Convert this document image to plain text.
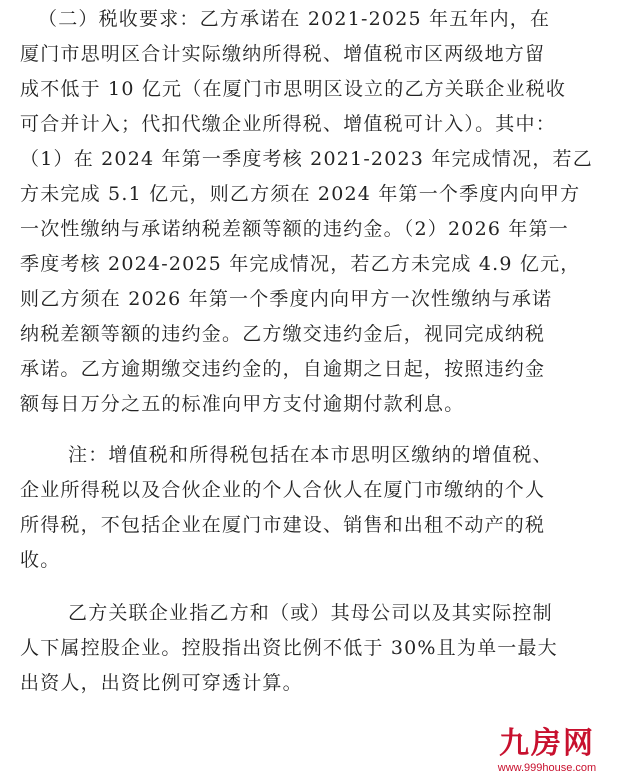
（二）税收要求：乙方承诺在 2021-2025 年五年内，在
厦门市思明区合计实际缴纳所得税、增值税市区两级地方留
成不低于 10 亿元（在厦门市思明区设立的乙方关联企业税收
可合并计入；代扣代缴企业所得税、增值税可计入）。其中：
（1）在 2024 年第一季度考核 2021-2023 年完成情况，若乙
方未完成 5.1 亿元，则乙方须在 2024 年第一个季度内向甲方
一次性缴纳与承诺纳税差额等额的违约金。（2）2026 年第一
季度考核 2024-2025 年完成情况，若乙方未完成 4.9 亿元，
则乙方须在 2026 年第一个季度内向甲方一次性缴纳与承诺
纳税差额等额的违约金。乙方缴交违约金后，视同完成纳税
承诺。乙方逾期缴交违约金的，自逾期之日起，按照违约金
额每日万分之五的标准向甲方支付逾期付款利息。
注：增值税和所得税包括在本市思明区缴纳的增值税、
企业所得税以及合伙企业的个人合伙人在厦门市缴纳的个人
所得税，不包括企业在厦门市建设、销售和出租不动产的税
收。
乙方关联企业指乙方和（或）其母公司以及其实际控制
人下属控股企业。控股指出资比例不低于 30%且为单一最大
出资人，出资比例可穿透计算。
九房网
www.999house.com
